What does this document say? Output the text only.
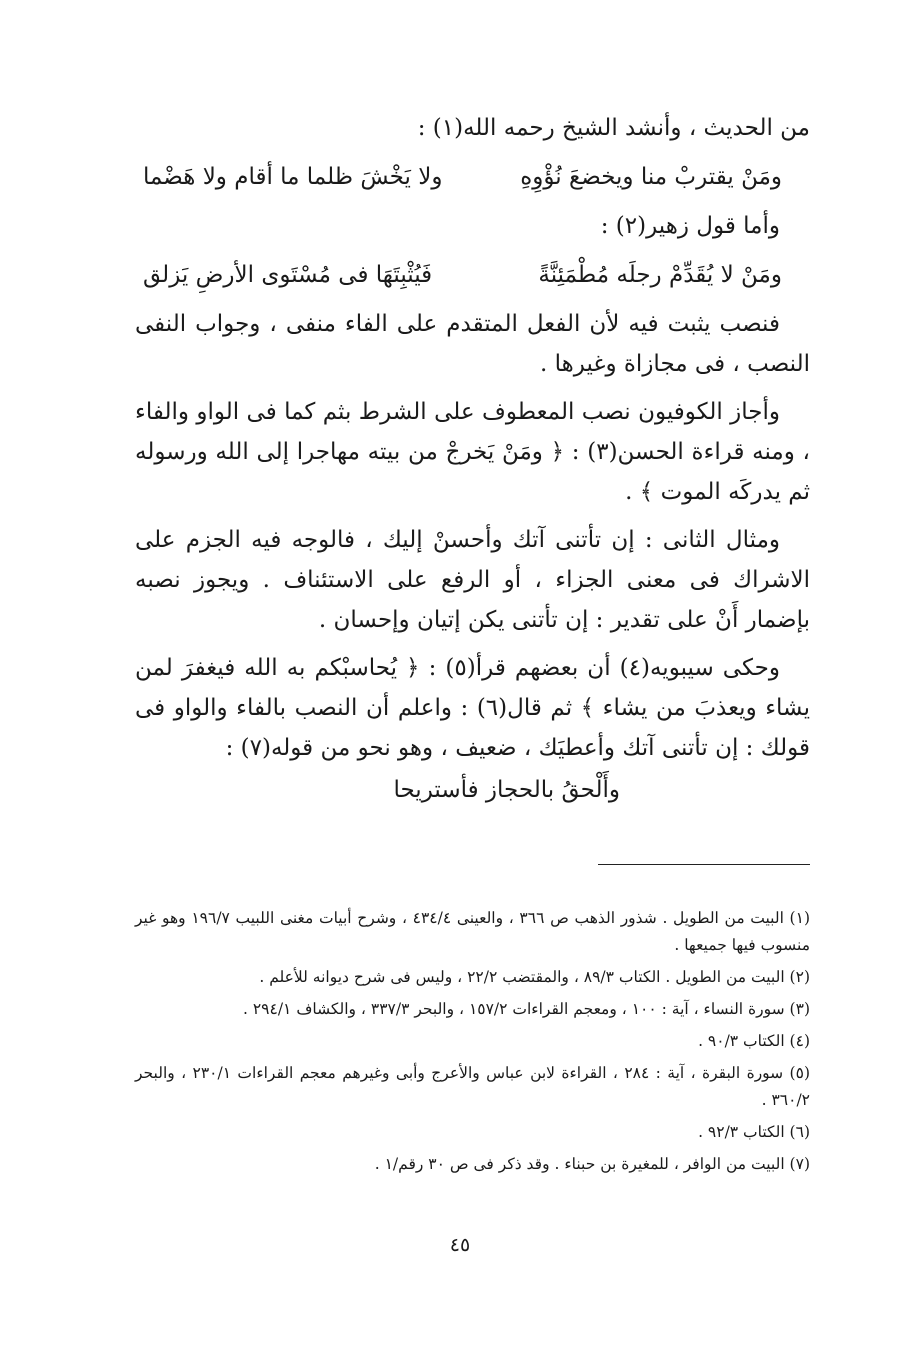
من الحديث ، وأنشد الشيخ رحمه الله(١) :

ومَنْ يقتربْ منا ويخضعَ نُؤْوِهِ
ولا يَخْشَ ظلما ما أقام ولا هَضْما

وأما قول زهير(٢) :

ومَنْ لا يُقَدِّمْ رجلَه مُطْمَئِنَّةً
فَيُثْبِتَهَا فى مُسْتَوى الأرضِ يَزلق

فنصب يثبت فيه لأن الفعل المتقدم على الفاء منفى ، وجواب النفى النصب ، فى مجازاة وغيرها .

وأجاز الكوفيون نصب المعطوف على الشرط بثم كما فى الواو والفاء ، ومنه قراءة الحسن(٣) : ﴿ ومَنْ يَخرجْ من بيته مهاجرا إلى الله ورسوله ثم يدركَه الموت ﴾ .

ومثال الثانى : إن تأتنى آتك وأحسنْ إليك ، فالوجه فيه الجزم على الاشراك فى معنى الجزاء ، أو الرفع على الاستئناف . ويجوز نصبه بإضمار أَنْ على تقدير : إن تأتنى يكن إتيان وإحسان .

وحكى سيبويه(٤) أن بعضهم قرأ(٥) : ﴿ يُحاسبْكم به الله فيغفرَ لمن يشاء ويعذبَ من يشاء ﴾ ثم قال(٦) : واعلم أن النصب بالفاء والواو فى قولك : إن تأتنى آتك وأعطيَك ، ضعيف ، وهو نحو من قوله(٧) :

وأَلْحقُ بالحجاز فأستريحا

(١) البيت من الطويل . شذور الذهب ص ٣٦٦ ، والعينى ٤٣٤/٤ ، وشرح أبيات مغنى اللبيب ١٩٦/٧ وهو غير منسوب فيها جميعها .

(٢) البيت من الطويل . الكتاب ٨٩/٣ ، والمقتضب ٢٢/٢ ، وليس فى شرح ديوانه للأعلم .

(٣) سورة النساء ، آية : ١٠٠ ، ومعجم القراءات ١٥٧/٢ ، والبحر ٣٣٧/٣ ، والكشاف ٢٩٤/١ .

(٤) الكتاب ٩٠/٣ .

(٥) سورة البقرة ، آية : ٢٨٤ ، القراءة لابن عباس والأعرج وأبى وغيرهم معجم القراءات ٢٣٠/١ ، والبحر ٣٦٠/٢ .

(٦) الكتاب ٩٢/٣ .

(٧) البيت من الوافر ، للمغيرة بن حبناء . وقد ذكر فى ص ٣٠ رقم/١ .

٤٥
